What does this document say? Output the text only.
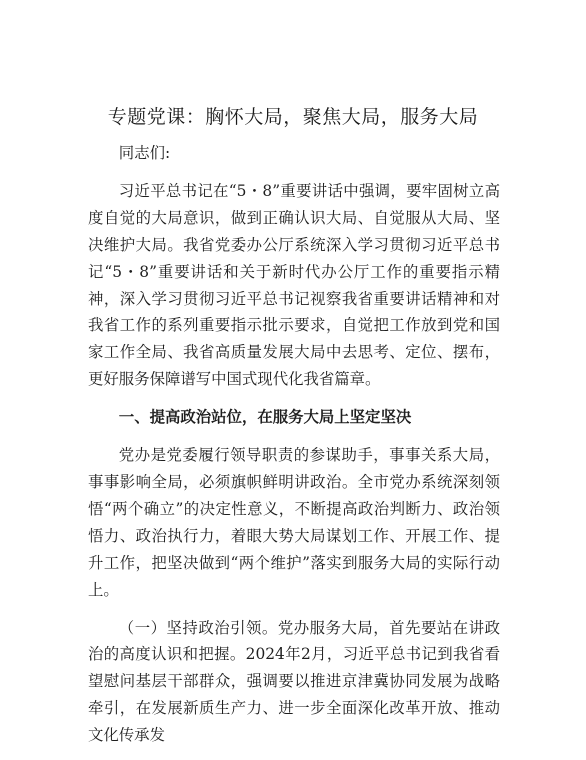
专题党课：胸怀大局，聚焦大局，服务大局

同志们:

习近平总书记在“5・8”重要讲话中强调，要牢固树立高度自觉的大局意识，做到正确认识大局、自觉服从大局、坚决维护大局。我省党委办公厅系统深入学习贯彻习近平总书记“5・8”重要讲话和关于新时代办公厅工作的重要指示精神，深入学习贯彻习近平总书记视察我省重要讲话精神和对我省工作的系列重要指示批示要求，自觉把工作放到党和国家工作全局、我省高质量发展大局中去思考、定位、摆布，更好服务保障谱写中国式现代化我省篇章。

一、提高政治站位，在服务大局上坚定坚决

党办是党委履行领导职责的参谋助手，事事关系大局，事事影响全局，必须旗帜鲜明讲政治。全市党办系统深刻领悟“两个确立”的决定性意义，不断提高政治判断力、政治领悟力、政治执行力，着眼大势大局谋划工作、开展工作、提升工作，把坚决做到“两个维护”落实到服务大局的实际行动上。

（一）坚持政治引领。党办服务大局，首先要站在讲政治的高度认识和把握。2024年2月，习近平总书记到我省看望慰问基层干部群众，强调要以推进京津冀协同发展为战略牵引，在发展新质生产力、进一步全面深化改革开放、推动文化传承发
